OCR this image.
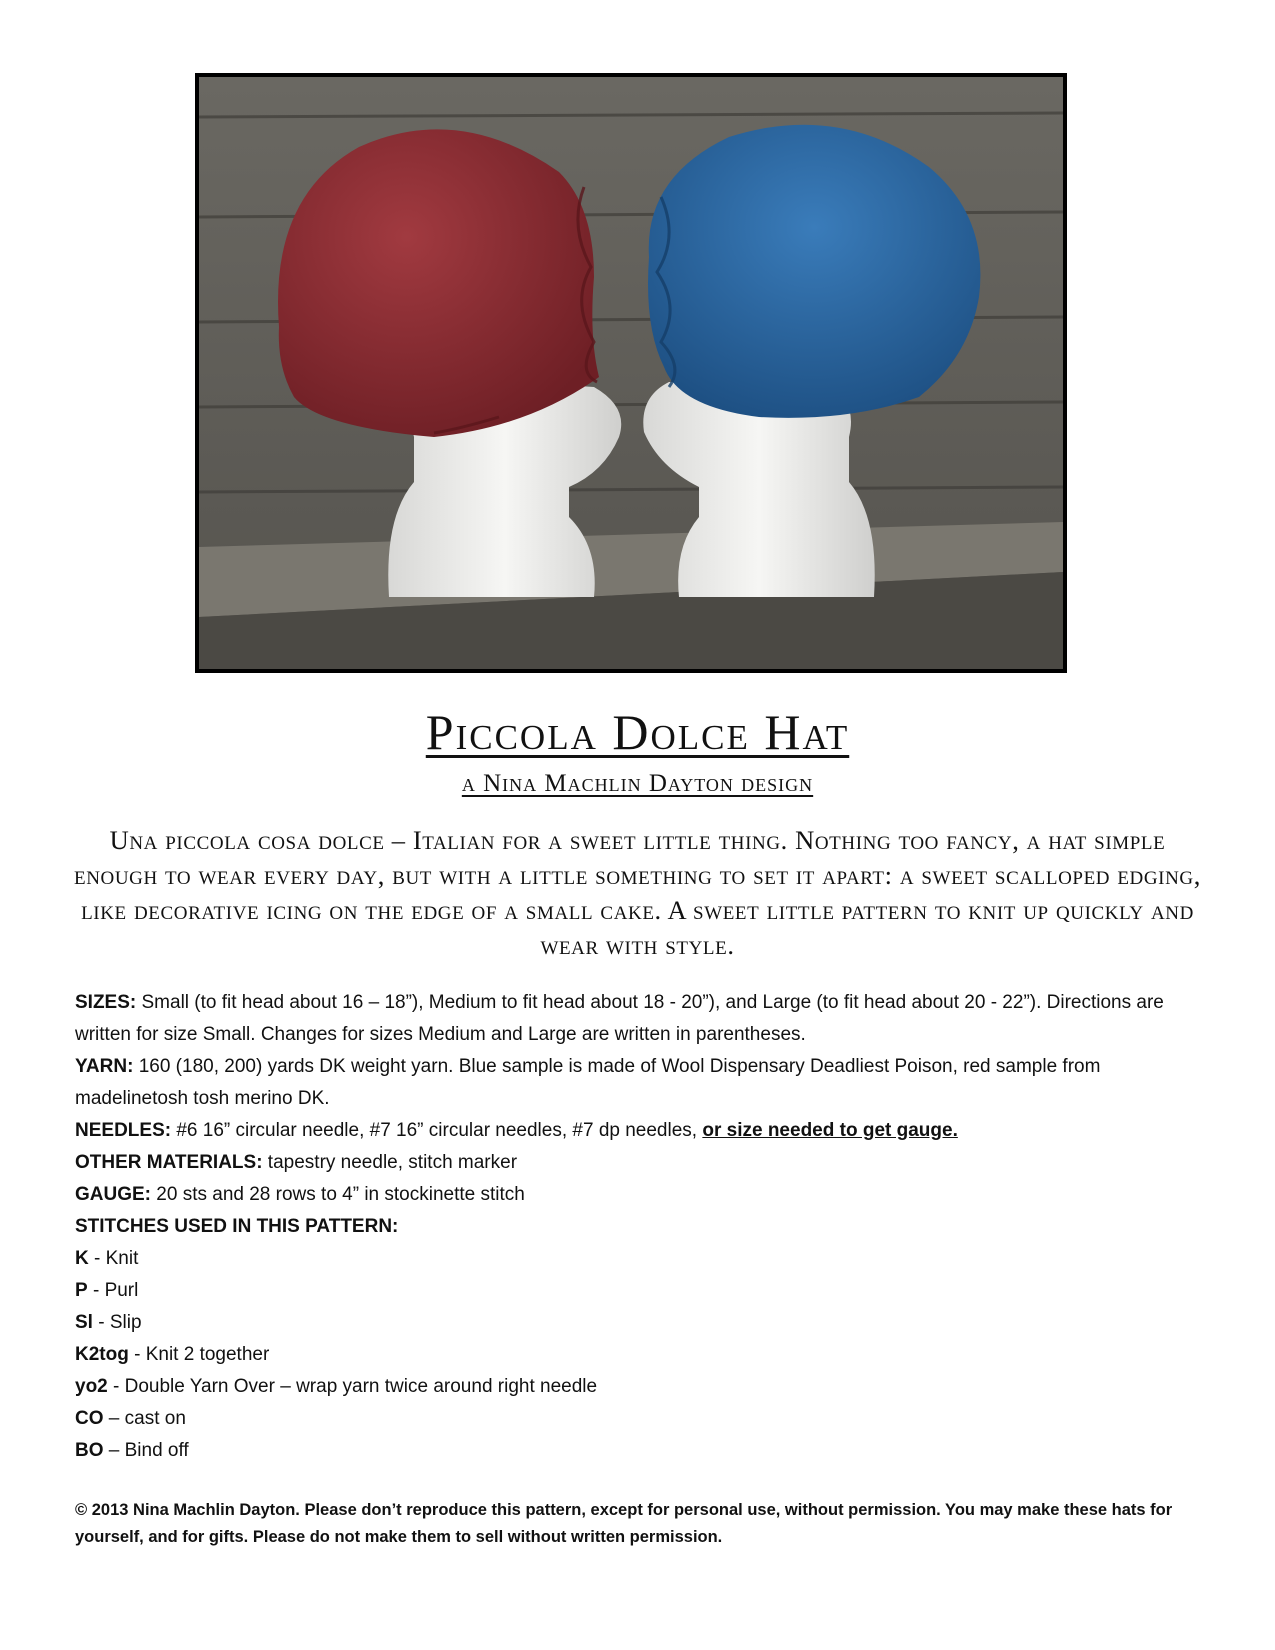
Piccola Dolce Hat
a Nina Machlin Dayton design
Una piccola cosa dolce – Italian for a sweet little thing. Nothing too fancy, a hat simple enough to wear every day, but with a little something to set it apart: a sweet scalloped edging, like decorative icing on the edge of a small cake. A sweet little pattern to knit up quickly and wear with style.

SIZES: Small (to fit head about 16 – 18”), Medium to fit head about 18 - 20”), and Large (to fit head about 20 - 22”). Directions are written for size Small. Changes for sizes Medium and Large are written in parentheses.

YARN: 160 (180, 200) yards DK weight yarn. Blue sample is made of Wool Dispensary Deadliest Poison, red sample from madelinetosh tosh merino DK.

NEEDLES: #6 16” circular needle, #7 16” circular needles, #7 dp needles, or size needed to get gauge.

OTHER MATERIALS: tapestry needle, stitch marker

GAUGE: 20 sts and 28 rows to 4” in stockinette stitch

STITCHES USED IN THIS PATTERN:

K - Knit

P - Purl

Sl - Slip

K2tog - Knit 2 together

yo2 - Double Yarn Over – wrap yarn twice around right needle

CO – cast on

BO – Bind off

© 2013 Nina Machlin Dayton. Please don’t reproduce this pattern, except for personal use, without permission. You may make these hats for yourself, and for gifts. Please do not make them to sell without written permission.
